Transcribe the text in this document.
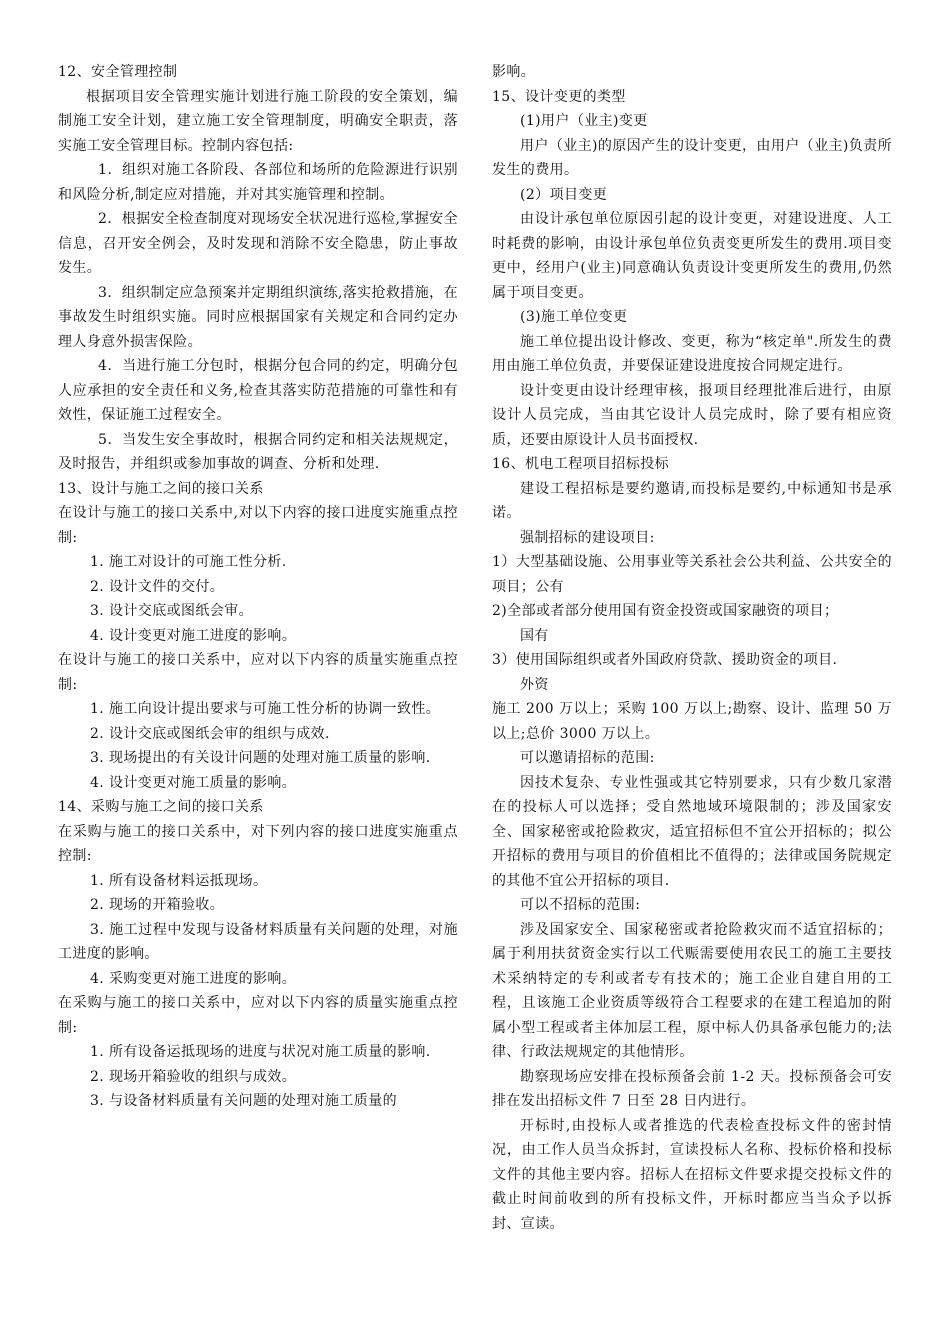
12、安全管理控制

根据项目安全管理实施计划进行施工阶段的安全策划，编制施工安全计划，建立施工安全管理制度，明确安全职责，落实施工安全管理目标。控制内容包括:

1．组织对施工各阶段、各部位和场所的危险源进行识别和风险分析,制定应对措施，并对其实施管理和控制。

2．根据安全检查制度对现场安全状况进行巡检,掌握安全信息，召开安全例会，及时发现和消除不安全隐患，防止事故发生。

3．组织制定应急预案并定期组织演练,落实抢救措施，在事故发生时组织实施。同时应根据国家有关规定和合同约定办理人身意外损害保险。

4．当进行施工分包时，根据分包合同的约定，明确分包人应承担的安全责任和义务,检查其落实防范措施的可靠性和有效性，保证施工过程安全。

5．当发生安全事故时，根据合同约定和相关法规规定，及时报告，并组织或参加事故的调查、分析和处理.

13、设计与施工之间的接口关系

在设计与施工的接口关系中,对以下内容的接口进度实施重点控制:

1. 施工对设计的可施工性分析.

2. 设计文件的交付。

3. 设计交底或图纸会审。

4. 设计变更对施工进度的影响。

在设计与施工的接口关系中，应对以下内容的质量实施重点控制:

1. 施工向设计提出要求与可施工性分析的协调一致性。

2. 设计交底或图纸会审的组织与成效.

3. 现场提出的有关设计问题的处理对施工质量的影响.

4. 设计变更对施工质量的影响。

14、采购与施工之间的接口关系

在采购与施工的接口关系中，对下列内容的接口进度实施重点控制:

1. 所有设备材料运抵现场。

2. 现场的开箱验收。

3. 施工过程中发现与设备材料质量有关问题的处理，对施工进度的影响。

4. 采购变更对施工进度的影响。

在采购与施工的接口关系中，应对以下内容的质量实施重点控制:

1. 所有设备运抵现场的进度与状况对施工质量的影响.

2. 现场开箱验收的组织与成效。

3. 与设备材料质量有关问题的处理对施工质量的

影响。

15、设计变更的类型

(1)用户（业主)变更

用户（业主)的原因产生的设计变更，由用户（业主)负责所发生的费用。

(2）项目变更

由设计承包单位原因引起的设计变更，对建设进度、人工时耗费的影响，由设计承包单位负责变更所发生的费用.项目变更中，经用户(业主)同意确认负责设计变更所发生的费用,仍然属于项目变更。

(3)施工单位变更

施工单位提出设计修改、变更，称为“核定单".所发生的费用由施工单位负责，并要保证建设进度按合同规定进行。

设计变更由设计经理审核，报项目经理批准后进行，由原设计人员完成，当由其它设计人员完成时，除了要有相应资质，还要由原设计人员书面授权.

16、机电工程项目招标投标

建设工程招标是要约邀请,而投标是要约,中标通知书是承诺。

强制招标的建设项目:

1）大型基础设施、公用事业等关系社会公共利益、公共安全的项目；公有

2)全部或者部分使用国有资金投资或国家融资的项目；

国有

3）使用国际组织或者外国政府贷款、援助资金的项目.

外资

施工 200 万以上；采购 100 万以上;勘察、设计、监理 50 万以上;总价 3000 万以上。

可以邀请招标的范围:

因技术复杂、专业性强或其它特别要求，只有少数几家潜在的投标人可以选择；受自然地域环境限制的；涉及国家安全、国家秘密或抢险救灾，适宜招标但不宜公开招标的；拟公开招标的费用与项目的价值相比不值得的；法律或国务院规定的其他不宜公开招标的项目.

可以不招标的范围:

涉及国家安全、国家秘密或者抢险救灾而不适宜招标的；属于利用扶贫资金实行以工代赈需要使用农民工的施工主要技术采纳特定的专利或者专有技术的；施工企业自建自用的工程，且该施工企业资质等级符合工程要求的在建工程追加的附属小型工程或者主体加层工程，原中标人仍具备承包能力的;法律、行政法规规定的其他情形。

勘察现场应安排在投标预备会前 1-2 天。投标预备会可安排在发出招标文件 7 日至 28 日内进行。

开标时,由投标人或者推选的代表检查投标文件的密封情况，由工作人员当众拆封，宣读投标人名称、投标价格和投标文件的其他主要内容。招标人在招标文件要求提交投标文件的截止时间前收到的所有投标文件，开标时都应当当众予以拆封、宣读。
